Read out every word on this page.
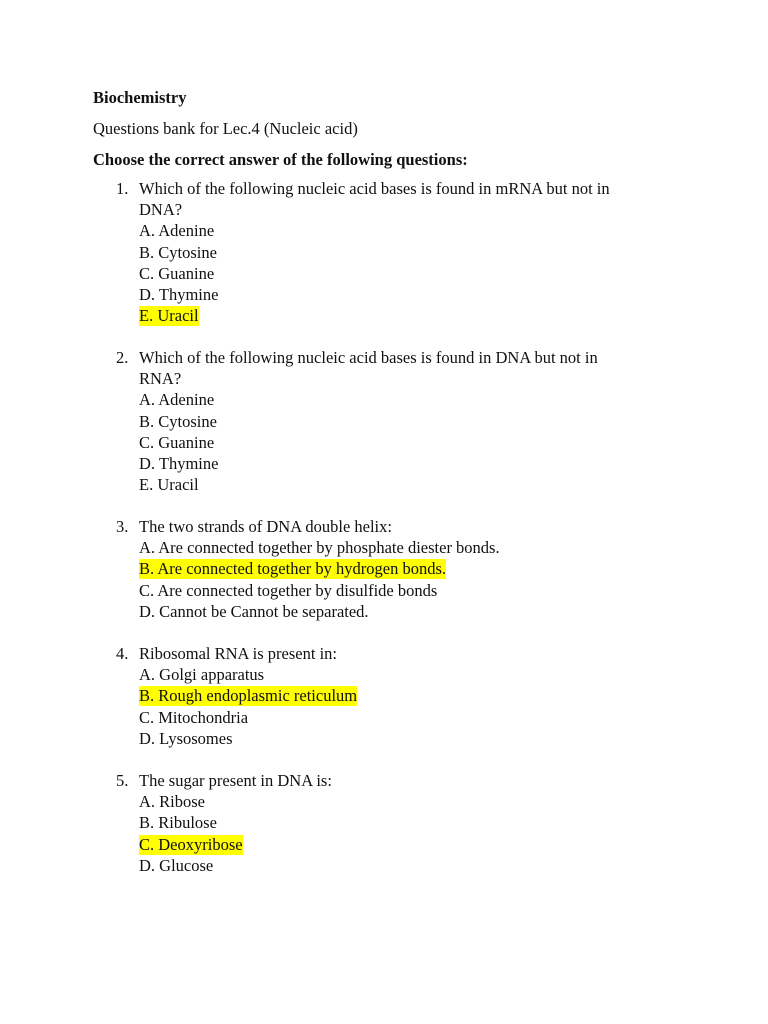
Biochemistry
Questions bank for Lec.4 (Nucleic acid)
Choose the correct answer of the following questions:
1. Which of the following nucleic acid bases is found in mRNA but not in
DNA?
A. Adenine
B. Cytosine
C. Guanine
D. Thymine
E. Uracil
2. Which of the following nucleic acid bases is found in DNA but not in
RNA?
A. Adenine
B. Cytosine
C. Guanine
D. Thymine
E. Uracil
3. The two strands of DNA double helix:
A. Are connected together by phosphate diester bonds.
B. Are connected together by hydrogen bonds.
C. Are connected together by disulfide bonds
D. Cannot be Cannot be separated.
4. Ribosomal RNA is present in:
A. Golgi apparatus
B. Rough endoplasmic reticulum
C. Mitochondria
D. Lysosomes
5. The sugar present in DNA is:
A. Ribose
B. Ribulose
C. Deoxyribose
D. Glucose
